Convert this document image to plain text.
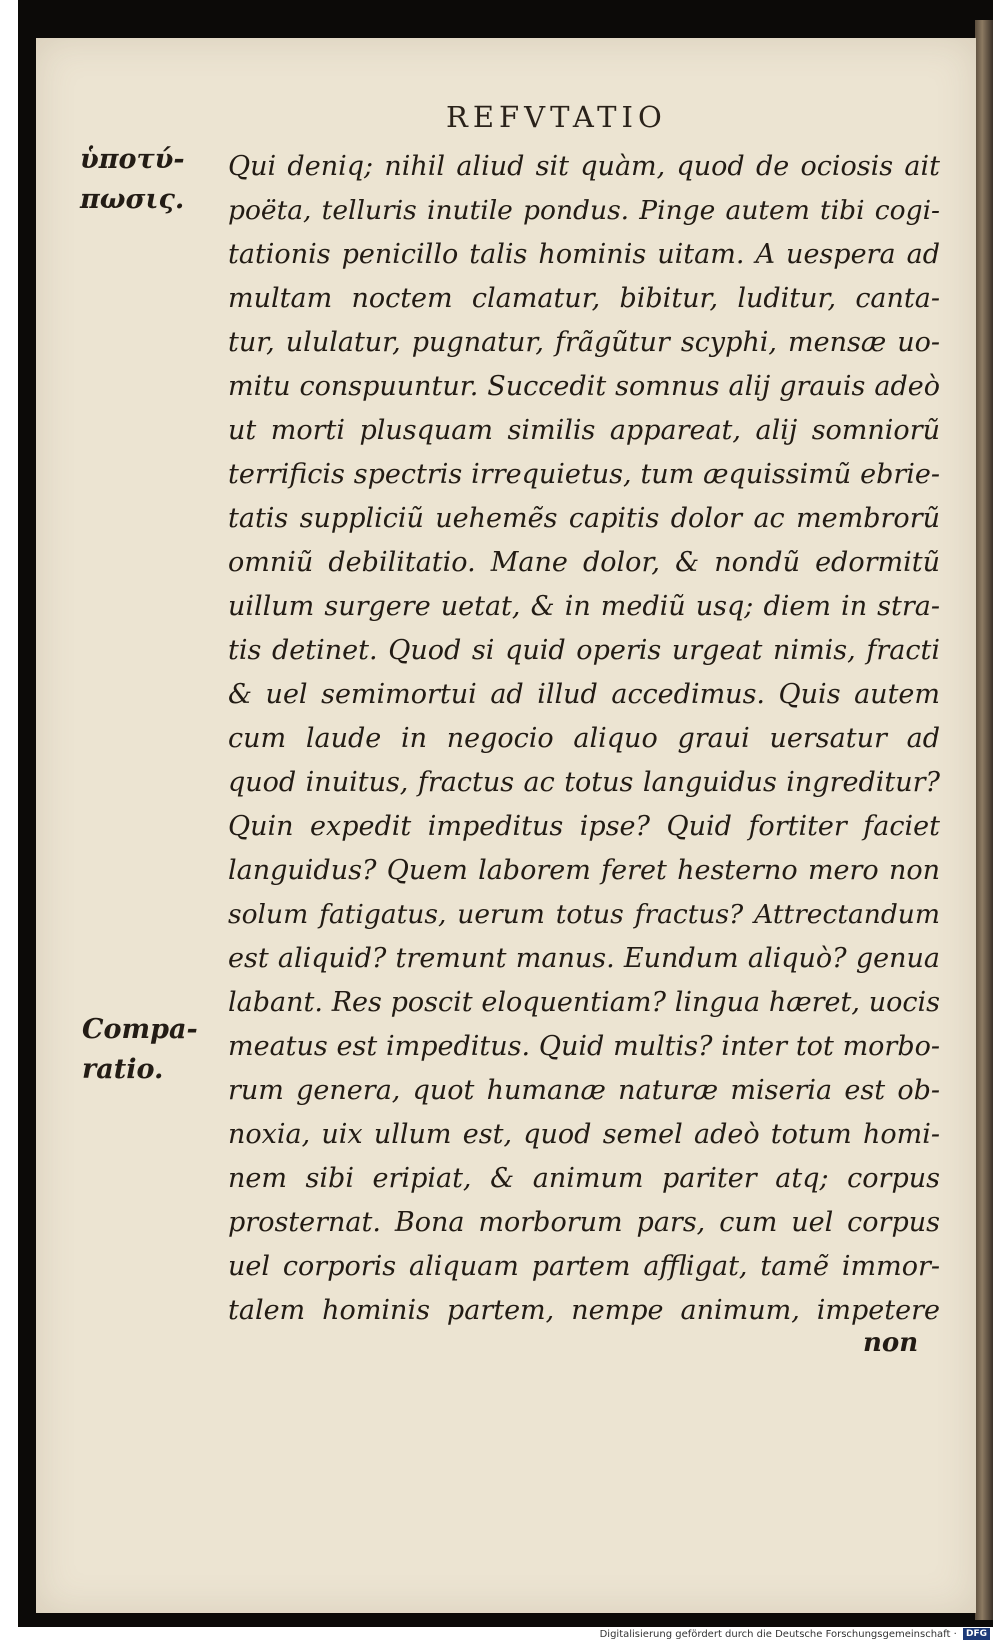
REFVTATIO
ὑποτύ-
πωσις.
Compa-
ratio.
Qui deniq; nihil aliud sit quàm, quod de ociosis ait
poëta, telluris inutile pondus. Pinge autem tibi cogi-
tationis penicillo talis hominis uitam. A uespera ad
multam noctem clamatur, bibitur, luditur, canta-
tur, ululatur, pugnatur, frãgũtur scyphi, mensæ uo-
mitu conspuuntur. Succedit somnus alij grauis adeò
ut morti plusquam similis appareat, alij somniorũ
terrificis spectris irrequietus, tum æquissimũ ebrie-
tatis suppliciũ uehemẽs capitis dolor ac membrorũ
omniũ debilitatio. Mane dolor, & nondũ edormitũ
uillum surgere uetat, & in mediũ usq; diem in stra-
tis detinet. Quod si quid operis urgeat nimis, fracti
& uel semimortui ad illud accedimus. Quis autem
cum laude in negocio aliquo graui uersatur ad
quod inuitus, fractus ac totus languidus ingreditur?
Quin expedit impeditus ipse? Quid fortiter faciet
languidus? Quem laborem feret hesterno mero non
solum fatigatus, uerum totus fractus? Attrectandum
est aliquid? tremunt manus. Eundum aliquò? genua
labant. Res poscit eloquentiam? lingua hæret, uocis
meatus est impeditus. Quid multis? inter tot morbo-
rum genera, quot humanæ naturæ miseria est ob-
noxia, uix ullum est, quod semel adeò totum homi-
nem sibi eripiat, & animum pariter atq; corpus
prosternat. Bona morborum pars, cum uel corpus
uel corporis aliquam partem affligat, tamẽ immor-
talem hominis partem, nempe animum, impetere
non
Digitalisierung gefördert durch die Deutsche Forschungsgemeinschaft · DFG
